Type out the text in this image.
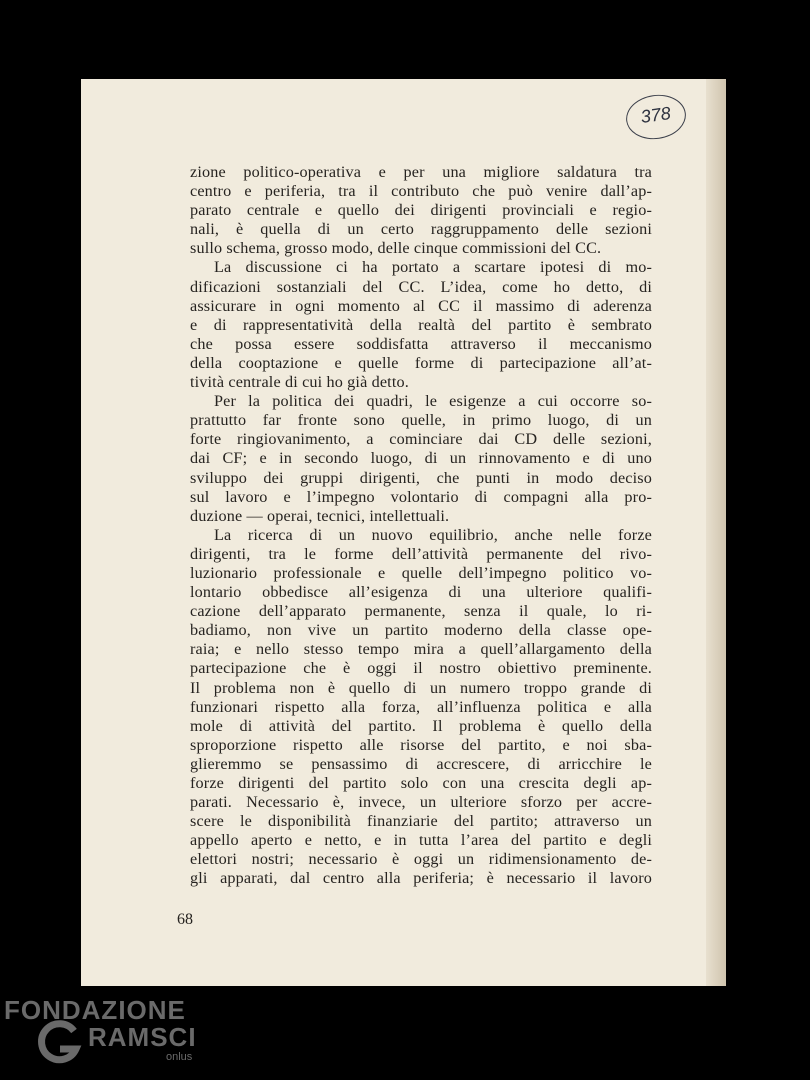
378
zione politico-operativa e per una migliore saldatura tra
centro e periferia, tra il contributo che può venire dall’ap-
parato centrale e quello dei dirigenti provinciali e regio-
nali, è quella di un certo raggruppamento delle sezioni
sullo schema, grosso modo, delle cinque commissioni del CC.
La discussione ci ha portato a scartare ipotesi di mo-
dificazioni sostanziali del CC. L’idea, come ho detto, di
assicurare in ogni momento al CC il massimo di aderenza
e di rappresentatività della realtà del partito è sembrato
che possa essere soddisfatta attraverso il meccanismo
della cooptazione e quelle forme di partecipazione all’at-
tività centrale di cui ho già detto.
Per la politica dei quadri, le esigenze a cui occorre so-
prattutto far fronte sono quelle, in primo luogo, di un
forte ringiovanimento, a cominciare dai CD delle sezioni,
dai CF; e in secondo luogo, di un rinnovamento e di uno
sviluppo dei gruppi dirigenti, che punti in modo deciso
sul lavoro e l’impegno volontario di compagni alla pro-
duzione — operai, tecnici, intellettuali.
La ricerca di un nuovo equilibrio, anche nelle forze
dirigenti, tra le forme dell’attività permanente del rivo-
luzionario professionale e quelle dell’impegno politico vo-
lontario obbedisce all’esigenza di una ulteriore qualifi-
cazione dell’apparato permanente, senza il quale, lo ri-
badiamo, non vive un partito moderno della classe ope-
raia; e nello stesso tempo mira a quell’allargamento della
partecipazione che è oggi il nostro obiettivo preminente.
Il problema non è quello di un numero troppo grande di
funzionari rispetto alla forza, all’influenza politica e alla
mole di attività del partito. Il problema è quello della
sproporzione rispetto alle risorse del partito, e noi sba-
glieremmo se pensassimo di accrescere, di arricchire le
forze dirigenti del partito solo con una crescita degli ap-
parati. Necessario è, invece, un ulteriore sforzo per accre-
scere le disponibilità finanziarie del partito; attraverso un
appello aperto e netto, e in tutta l’area del partito e degli
elettori nostri; necessario è oggi un ridimensionamento de-
gli apparati, dal centro alla periferia; è necessario il lavoro
68
FONDAZIONE
RAMSCI
onlus
